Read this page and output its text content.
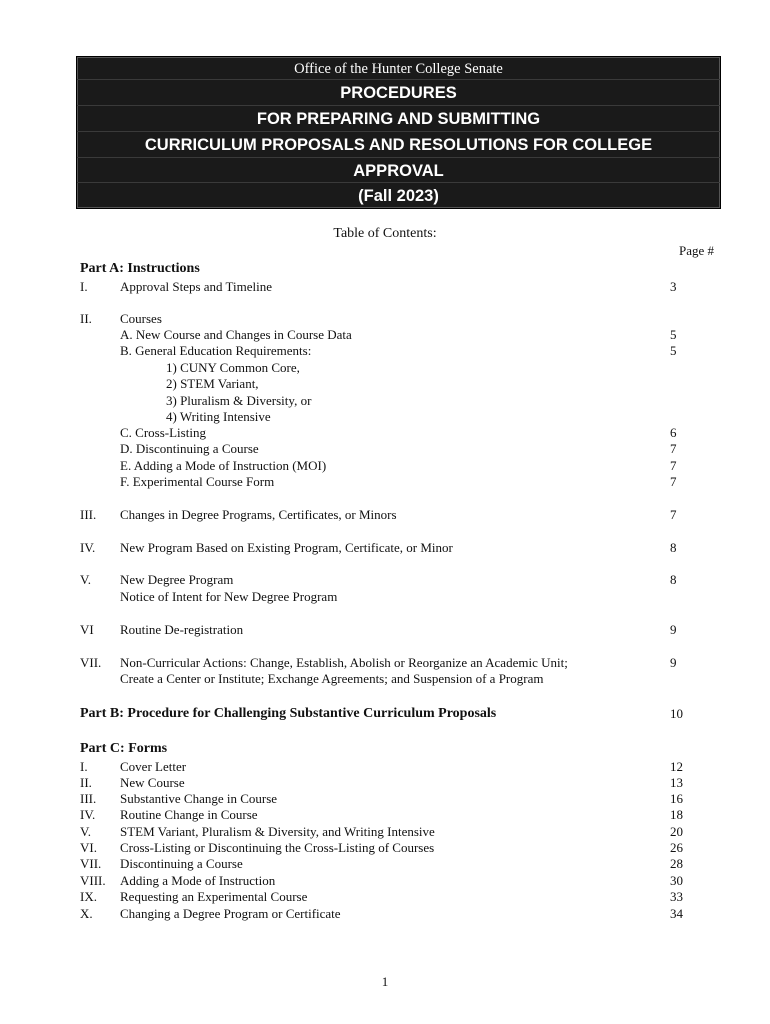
Office of the Hunter College Senate
PROCEDURES
FOR PREPARING AND SUBMITTING
CURRICULUM PROPOSALS AND RESOLUTIONS FOR COLLEGE
APPROVAL
(Fall 2023)
Table of Contents:
Page #
Part A: Instructions
I. Approval Steps and Timeline	3
II. Courses
A. New Course and Changes in Course Data	5
B. General Education Requirements:	5
1) CUNY Common Core,
2) STEM Variant,
3) Pluralism & Diversity, or
4) Writing Intensive
C. Cross-Listing	6
D. Discontinuing a Course	7
E. Adding a Mode of Instruction (MOI)	7
F. Experimental Course Form	7
III. Changes in Degree Programs, Certificates, or Minors	7
IV. New Program Based on Existing Program, Certificate, or Minor	8
V. New Degree Program	8
Notice of Intent for New Degree Program
VI Routine De-registration	9
VII. Non-Curricular Actions: Change, Establish, Abolish or Reorganize an Academic Unit;	9
Create a Center or Institute; Exchange Agreements; and Suspension of a Program
Part B: Procedure for Challenging Substantive Curriculum Proposals	10
Part C: Forms
I. Cover Letter	12
II. New Course	13
III. Substantive Change in Course	16
IV. Routine Change in Course	18
V. STEM Variant, Pluralism & Diversity, and Writing Intensive	20
VI. Cross-Listing or Discontinuing the Cross-Listing of Courses	26
VII. Discontinuing a Course	28
VIII. Adding a Mode of Instruction	30
IX. Requesting an Experimental Course	33
X. Changing a Degree Program or Certificate	34
1
